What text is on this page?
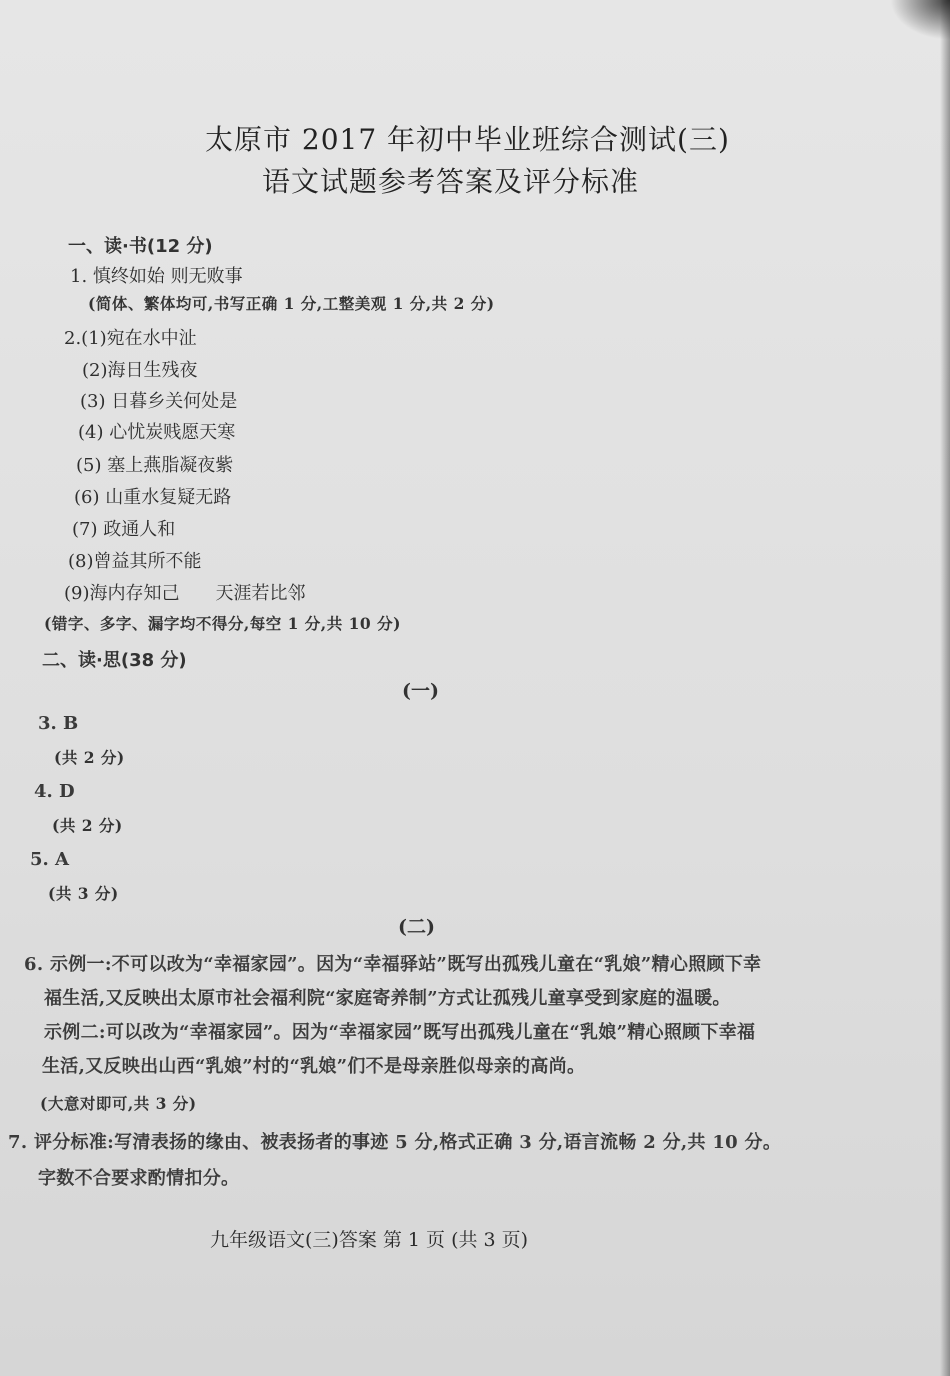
太原市 2017 年初中毕业班综合测试(三)
语文试题参考答案及评分标准
一、读·书(12 分)
1. 慎终如始 则无败事
(简体、繁体均可,书写正确 1 分,工整美观 1 分,共 2 分)
2.(1)宛在水中沚
(2)海日生残夜
(3) 日暮乡关何处是
(4) 心忧炭贱愿天寒
(5) 塞上燕脂凝夜紫
(6) 山重水复疑无路
(7) 政通人和
(8)曾益其所不能
(9)海内存知己 天涯若比邻
(错字、多字、漏字均不得分,每空 1 分,共 10 分)
二、读·思(38 分)
(一)
3. B
(共 2 分)
4. D
(共 2 分)
5. A
(共 3 分)
(二)
6. 示例一:不可以改为“幸福家园”。因为“幸福驿站”既写出孤残儿童在“乳娘”精心照顾下幸
福生活,又反映出太原市社会福利院“家庭寄养制”方式让孤残儿童享受到家庭的温暖。
示例二:可以改为“幸福家园”。因为“幸福家园”既写出孤残儿童在“乳娘”精心照顾下幸福
生活,又反映出山西“乳娘”村的“乳娘”们不是母亲胜似母亲的高尚。
(大意对即可,共 3 分)
7. 评分标准:写清表扬的缘由、被表扬者的事迹 5 分,格式正确 3 分,语言流畅 2 分,共 10 分。
字数不合要求酌情扣分。
九年级语文(三)答案 第 1 页 (共 3 页)
